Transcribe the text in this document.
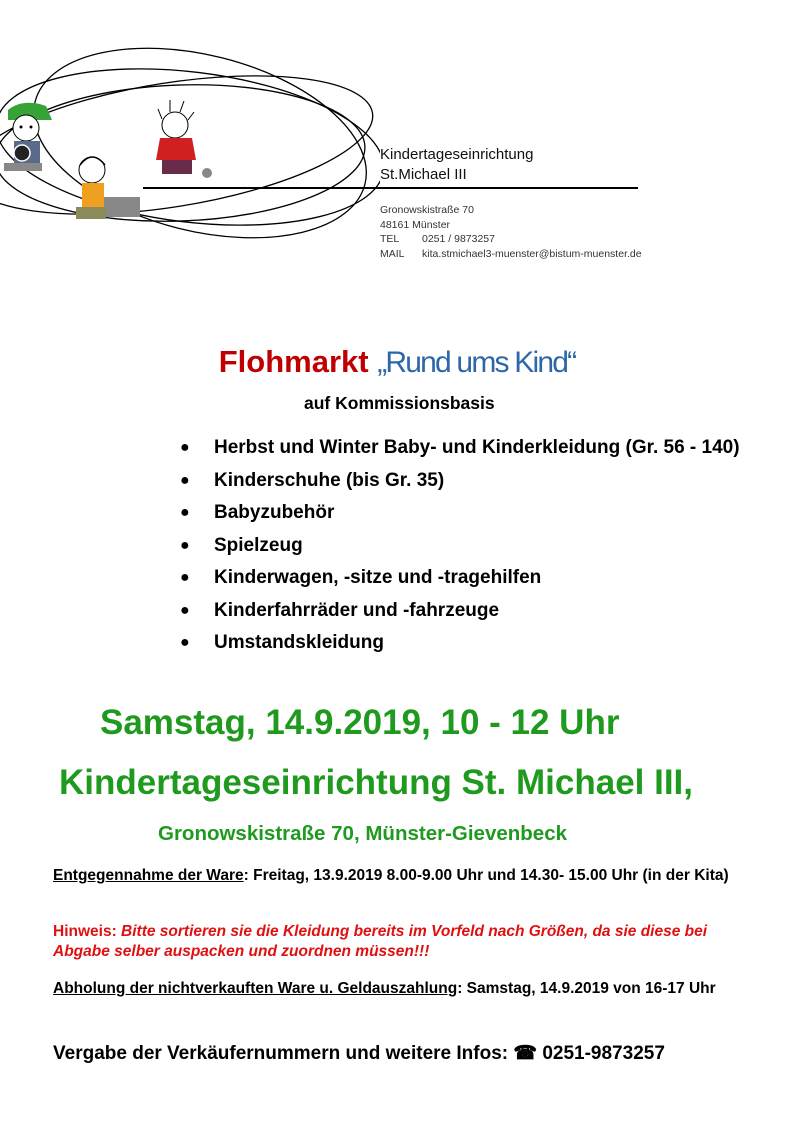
Kindertageseinrichtung
St.Michael III
Gronowskistraße 70
48161 Münster
TEL 0251 / 9873257
MAIL kita.stmichael3-muenster@bistum-muenster.de
Flohmarkt „Rund ums Kind“
auf Kommissionsbasis
● Herbst und Winter Baby- und Kinderkleidung (Gr. 56 - 140)
● Kinderschuhe (bis Gr. 35)
● Babyzubehör
● Spielzeug
● Kinderwagen, -sitze und -tragehilfen
● Kinderfahrräder und -fahrzeuge
● Umstandskleidung
Samstag, 14.9.2019, 10 - 12 Uhr
Kindertageseinrichtung St. Michael III,
Gronowskistraße 70, Münster-Gievenbeck
Entgegennahme der Ware: Freitag, 13.9.2019 8.00-9.00 Uhr und 14.30- 15.00 Uhr (in der Kita)
Hinweis: Bitte sortieren sie die Kleidung bereits im Vorfeld nach Größen, da sie diese bei Abgabe selber auspacken und zuordnen müssen!!!
Abholung der nichtverkauften Ware u. Geldauszahlung: Samstag, 14.9.2019 von 16-17 Uhr
Vergabe der Verkäufernummern und weitere Infos: ☎ 0251-9873257
